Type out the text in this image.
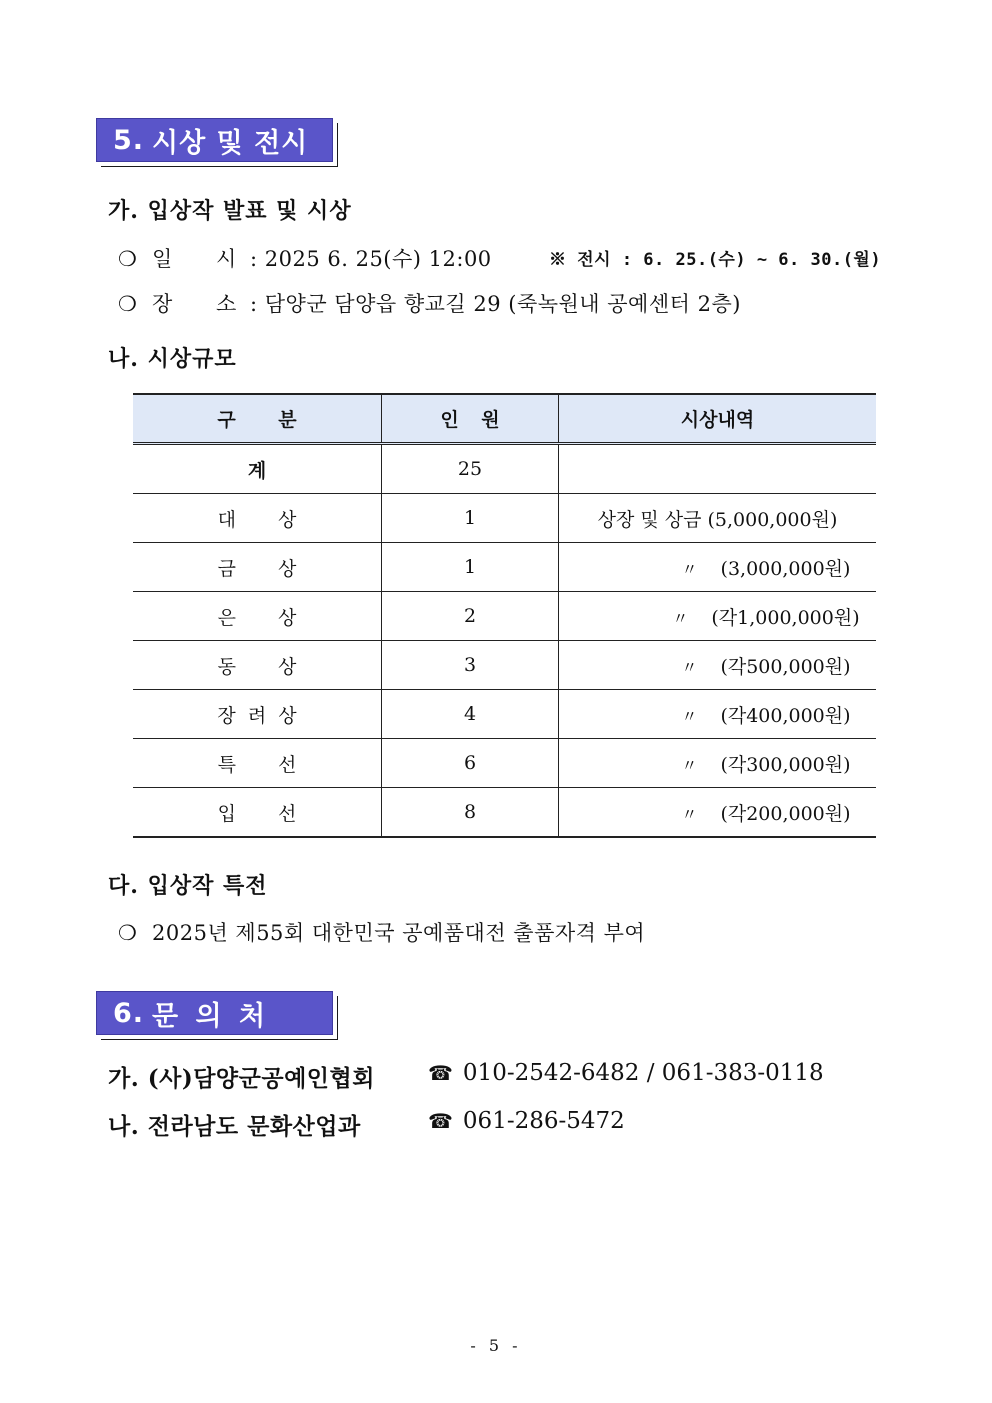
5. 시상 및 전시
가. 입상작 발표 및 시상
❍ 일 시 : 2025 6. 25(수) 12:00	※ 전시 : 6. 25.(수) ~ 6. 30.(월)
❍ 장 소 : 담양군 담양읍 향교길 29 (죽녹원내 공예센터 2층)
나. 시상규모
구 분	인 원	시상내역
계	25	
대 상	1	상장 및 상금 (5,000,000원)
금 상	1	〃 (3,000,000원)
은 상	2	〃 (각1,000,000원)
동 상	3	〃 (각500,000원)
장 려 상	4	〃 (각400,000원)
특 선	6	〃 (각300,000원)
입 선	8	〃 (각200,000원)
다. 입상작 특전
❍ 2025년 제55회 대한민국 공예품대전 출품자격 부여
6. 문 의 처
가. (사)담양군공예인협회	☎ 010-2542-6482 / 061-383-0118
나. 전라남도 문화산업과	☎ 061-286-5472
- 5 -
